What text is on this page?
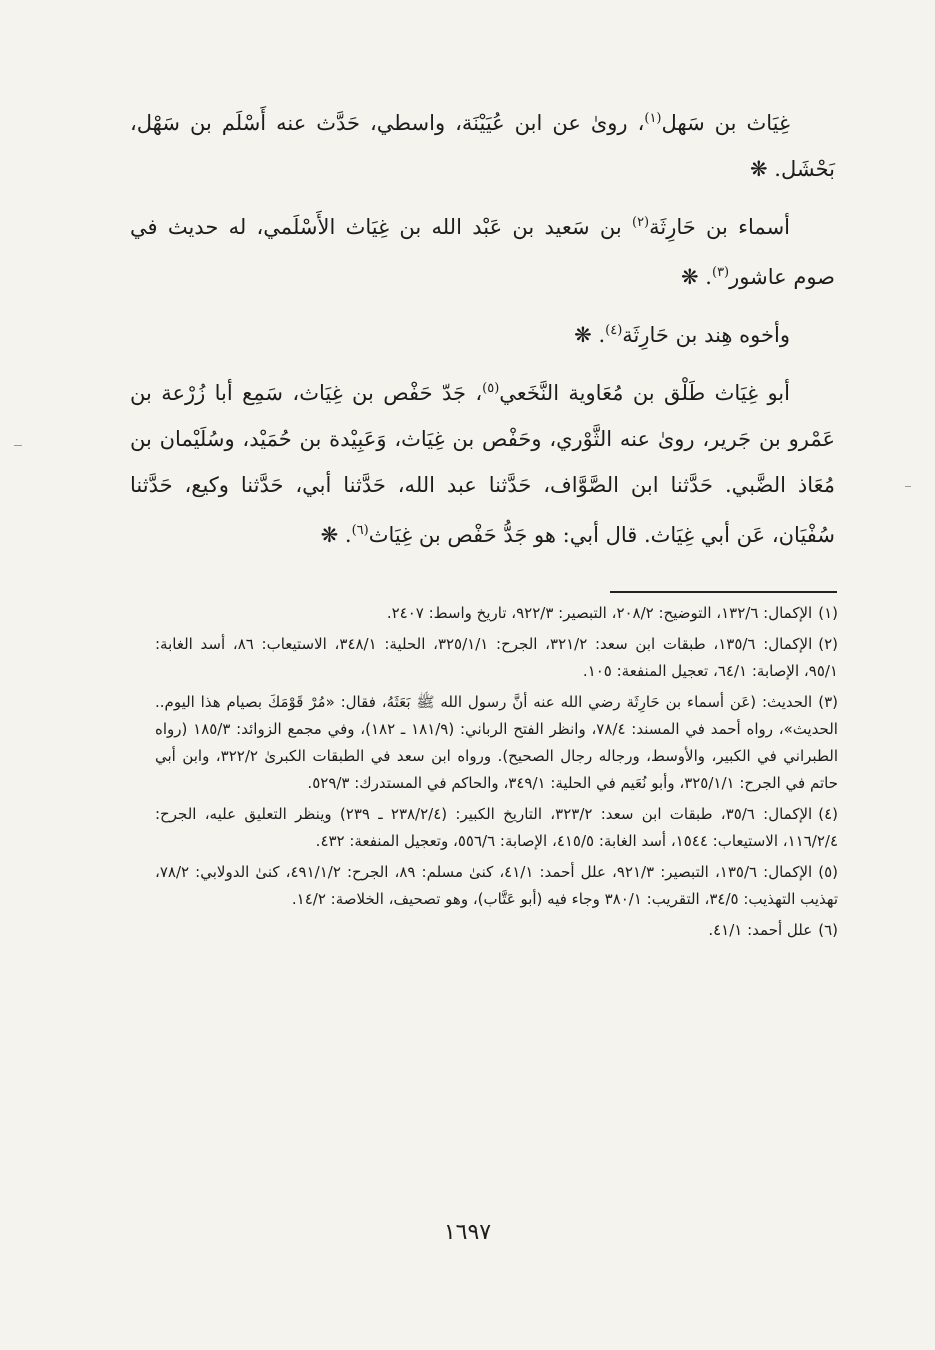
غِيَاث بن سَهل$^{(١)}$، روىٰ عن ابن عُيَيْنَة، واسطي، حَدَّث عنه أَسْلَم بن سَهْل، بَحْشَل. ❋

أسماء بن حَارِثَة$^{(٢)}$ بن سَعيد بن عَبْد الله بن غِيَاث الأَسْلَمي، له حديث في صوم عاشور$^{(٣)}$. ❋

وأخوه هِند بن حَارِثَة$^{(٤)}$. ❋

أبو غِيَاث طَلْق بن مُعَاوية النَّخَعي$^{(٥)}$، جَدّ حَفْص بن غِيَاث، سَمِع أبا زُرْعة بن عَمْرو بن جَرير، روىٰ عنه الثَّوْري، وحَفْص بن غِيَاث، وَعَبِيْدة بن حُمَيْد، وسُلَيْمان بن مُعَاذ الضَّبي. حَدَّثنا ابن الصَّوَّاف، حَدَّثنا عبد الله، حَدَّثنا أبي، حَدَّثنا وكيع، حَدَّثنا سُفْيَان، عَن أبي غِيَاث. قال أبي: هو جَدُّ حَفْص بن غِيَاث$^{(٦)}$. ❋

(١)الإكمال: ١٣٢/٦، التوضيح: ٢٠٨/٢، التبصير: ٩٢٢/٣، تاريخ واسط: ٢٤٠٧.

(٢)الإكمال: ١٣٥/٦، طبقات ابن سعد: ٣٢١/٢، الجرح: ٣٢٥/١/١، الحلية: ٣٤٨/١، الاستيعاب: ٨٦، أسد الغابة: ٩٥/١، الإصابة: ٦٤/١، تعجيل المنفعة: ١٠٥.

(٣)الحديث: (عَن أسماء بن حَارِثَة رضي الله عنه أنَّ رسول الله ﷺ بَعَثَهُ، فقال: «مُرْ قَوْمَكَ بصيام هذا اليوم.. الحديث»، رواه أحمد في المسند: ٧٨/٤، وانظر الفتح الرباني: (١٨١/٩ ـ ١٨٢)، وفي مجمع الزوائد: ١٨٥/٣ (رواه الطبراني في الكبير، والأوسط، ورجاله رجال الصحيح). ورواه ابن سعد في الطبقات الكبرىٰ ٣٢٢/٢، وابن أبي حاتم في الجرح: ٣٢٥/١/١، وأبو نُعَيم في الحلية: ٣٤٩/١، والحاكم في المستدرك: ٥٢٩/٣.

(٤)الإكمال: ٣٥/٦، طبقات ابن سعد: ٣٢٣/٢، التاريخ الكبير: (٢٣٨/٢/٤ ـ ٢٣٩) وينظر التعليق عليه، الجرح: ١١٦/٢/٤، الاستيعاب: ١٥٤٤، أسد الغابة: ٤١٥/٥، الإصابة: ٥٥٦/٦، وتعجيل المنفعة: ٤٣٢.

(٥)الإكمال: ١٣٥/٦، التبصير: ٩٢١/٣، علل أحمد: ٤١/١، كنىٰ مسلم: ٨٩، الجرح: ٤٩١/١/٢، كنىٰ الدولابي: ٧٨/٢، تهذيب التهذيب: ٣٤/٥، التقريب: ٣٨٠/١ وجاء فيه (أبو عَتَّاب)، وهو تصحيف، الخلاصة: ١٤/٢.

(٦)علل أحمد: ٤١/١.

١٦٩٧
